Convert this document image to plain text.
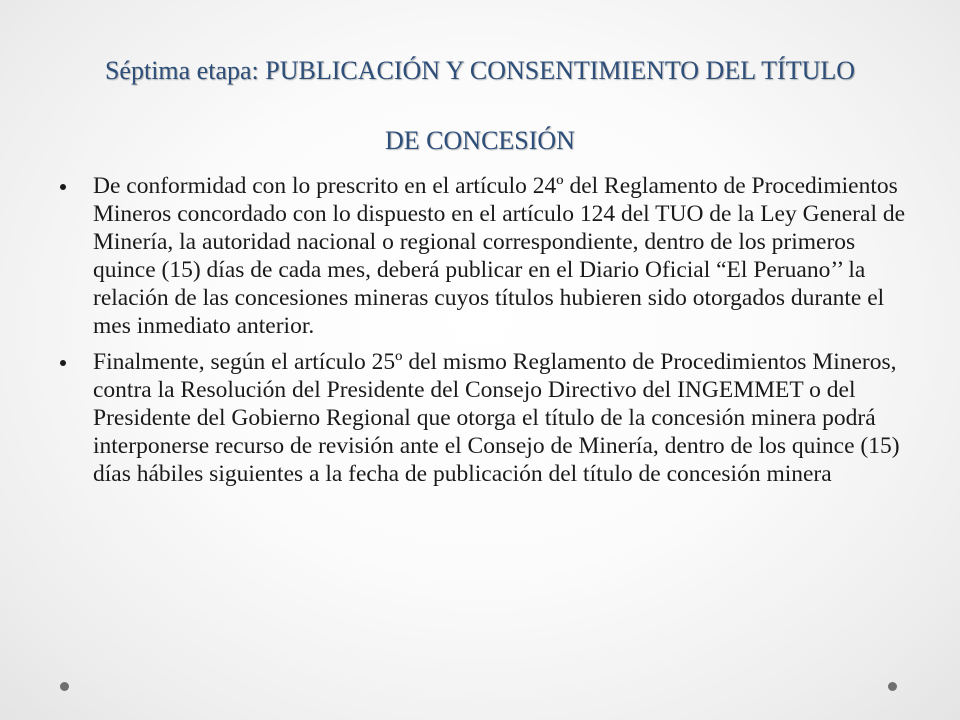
Séptima etapa: PUBLICACIÓN Y CONSENTIMIENTO DEL TÍTULO
DE CONCESIÓN
De conformidad con lo prescrito en el artículo 24º del Reglamento de Procedimientos Mineros concordado con lo dispuesto en el artículo 124 del TUO de la Ley General de Minería, la autoridad nacional o regional correspondiente, dentro de los primeros quince (15) días de cada mes, deberá publicar en el Diario Oficial “El Peruano’’ la relación de las concesiones mineras cuyos títulos hubieren sido otorgados durante el mes inmediato anterior.
Finalmente, según el artículo 25º del mismo Reglamento de Procedimientos Mineros, contra la Resolución del Presidente del Consejo Directivo del INGEMMET o del Presidente del Gobierno Regional que otorga el título de la concesión minera podrá interponerse recurso de revisión ante el Consejo de Minería, dentro de los quince (15) días hábiles siguientes a la fecha de publicación del título de concesión minera
